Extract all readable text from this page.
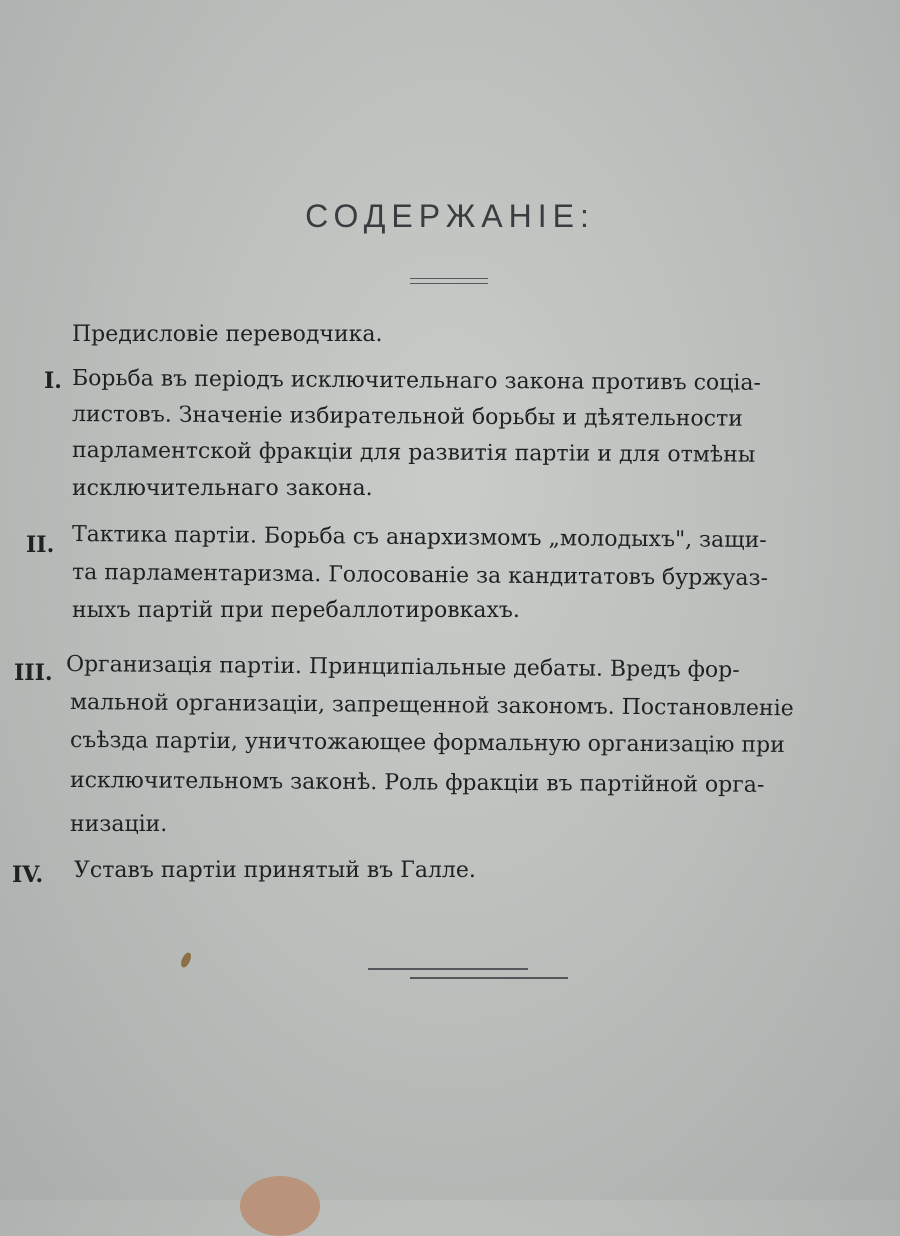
СОДЕРЖАНІЕ:
Предисловіе переводчика.
I. Борьба въ періодъ исключительнаго закона противъ соціа-
листовъ. Значеніе избирательной борьбы и дѣятельности
парламентской фракціи для развитія партіи и для отмѣны
исключительнаго закона.
II. Тактика партіи. Борьба съ анархизмомъ „молодыхъ", защи-
та парламентаризма. Голосованіе за кандитатовъ буржуаз-
ныхъ партій при перебаллотировкахъ.
III. Организація партіи. Принципіальные дебаты. Вредъ фор-
мальной организаціи, запрещенной закономъ. Постановленіе
съѣзда партіи, уничтожающее формальную организацію при
исключительномъ законѣ. Роль фракціи въ партійной орга-
низаціи.
IV. Уставъ партіи принятый въ Галле.
